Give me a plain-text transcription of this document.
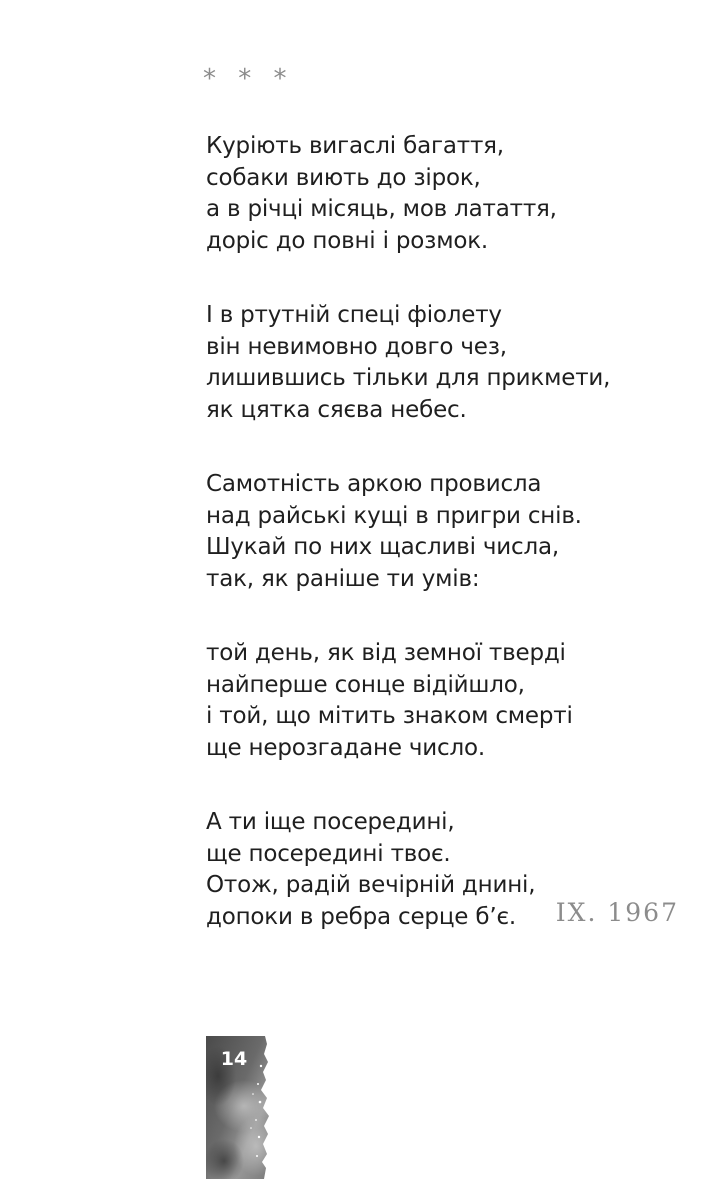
* * *
Куріють вигаслі багаття,
собаки виють до зірок,
а в річці місяць, мов латаття,
доріс до повні і розмок.
І в ртутній спеці фіолету
він невимовно довго чез,
лишившись тільки для прикмети,
як цятка сяєва небес.
Самотність аркою провисла
над райські кущі в пригри снів.
Шукай по них щасливі числа,
так, як раніше ти умів:
той день, як від земної тверді
найперше сонце відійшло,
і той, що мітить знаком смерті
ще нерозгадане число.
А ти іще посередині,
ще посередині твоє.
Отож, радій вечірній днині,
допоки в ребра серце б’є.	IX. 1967
14
